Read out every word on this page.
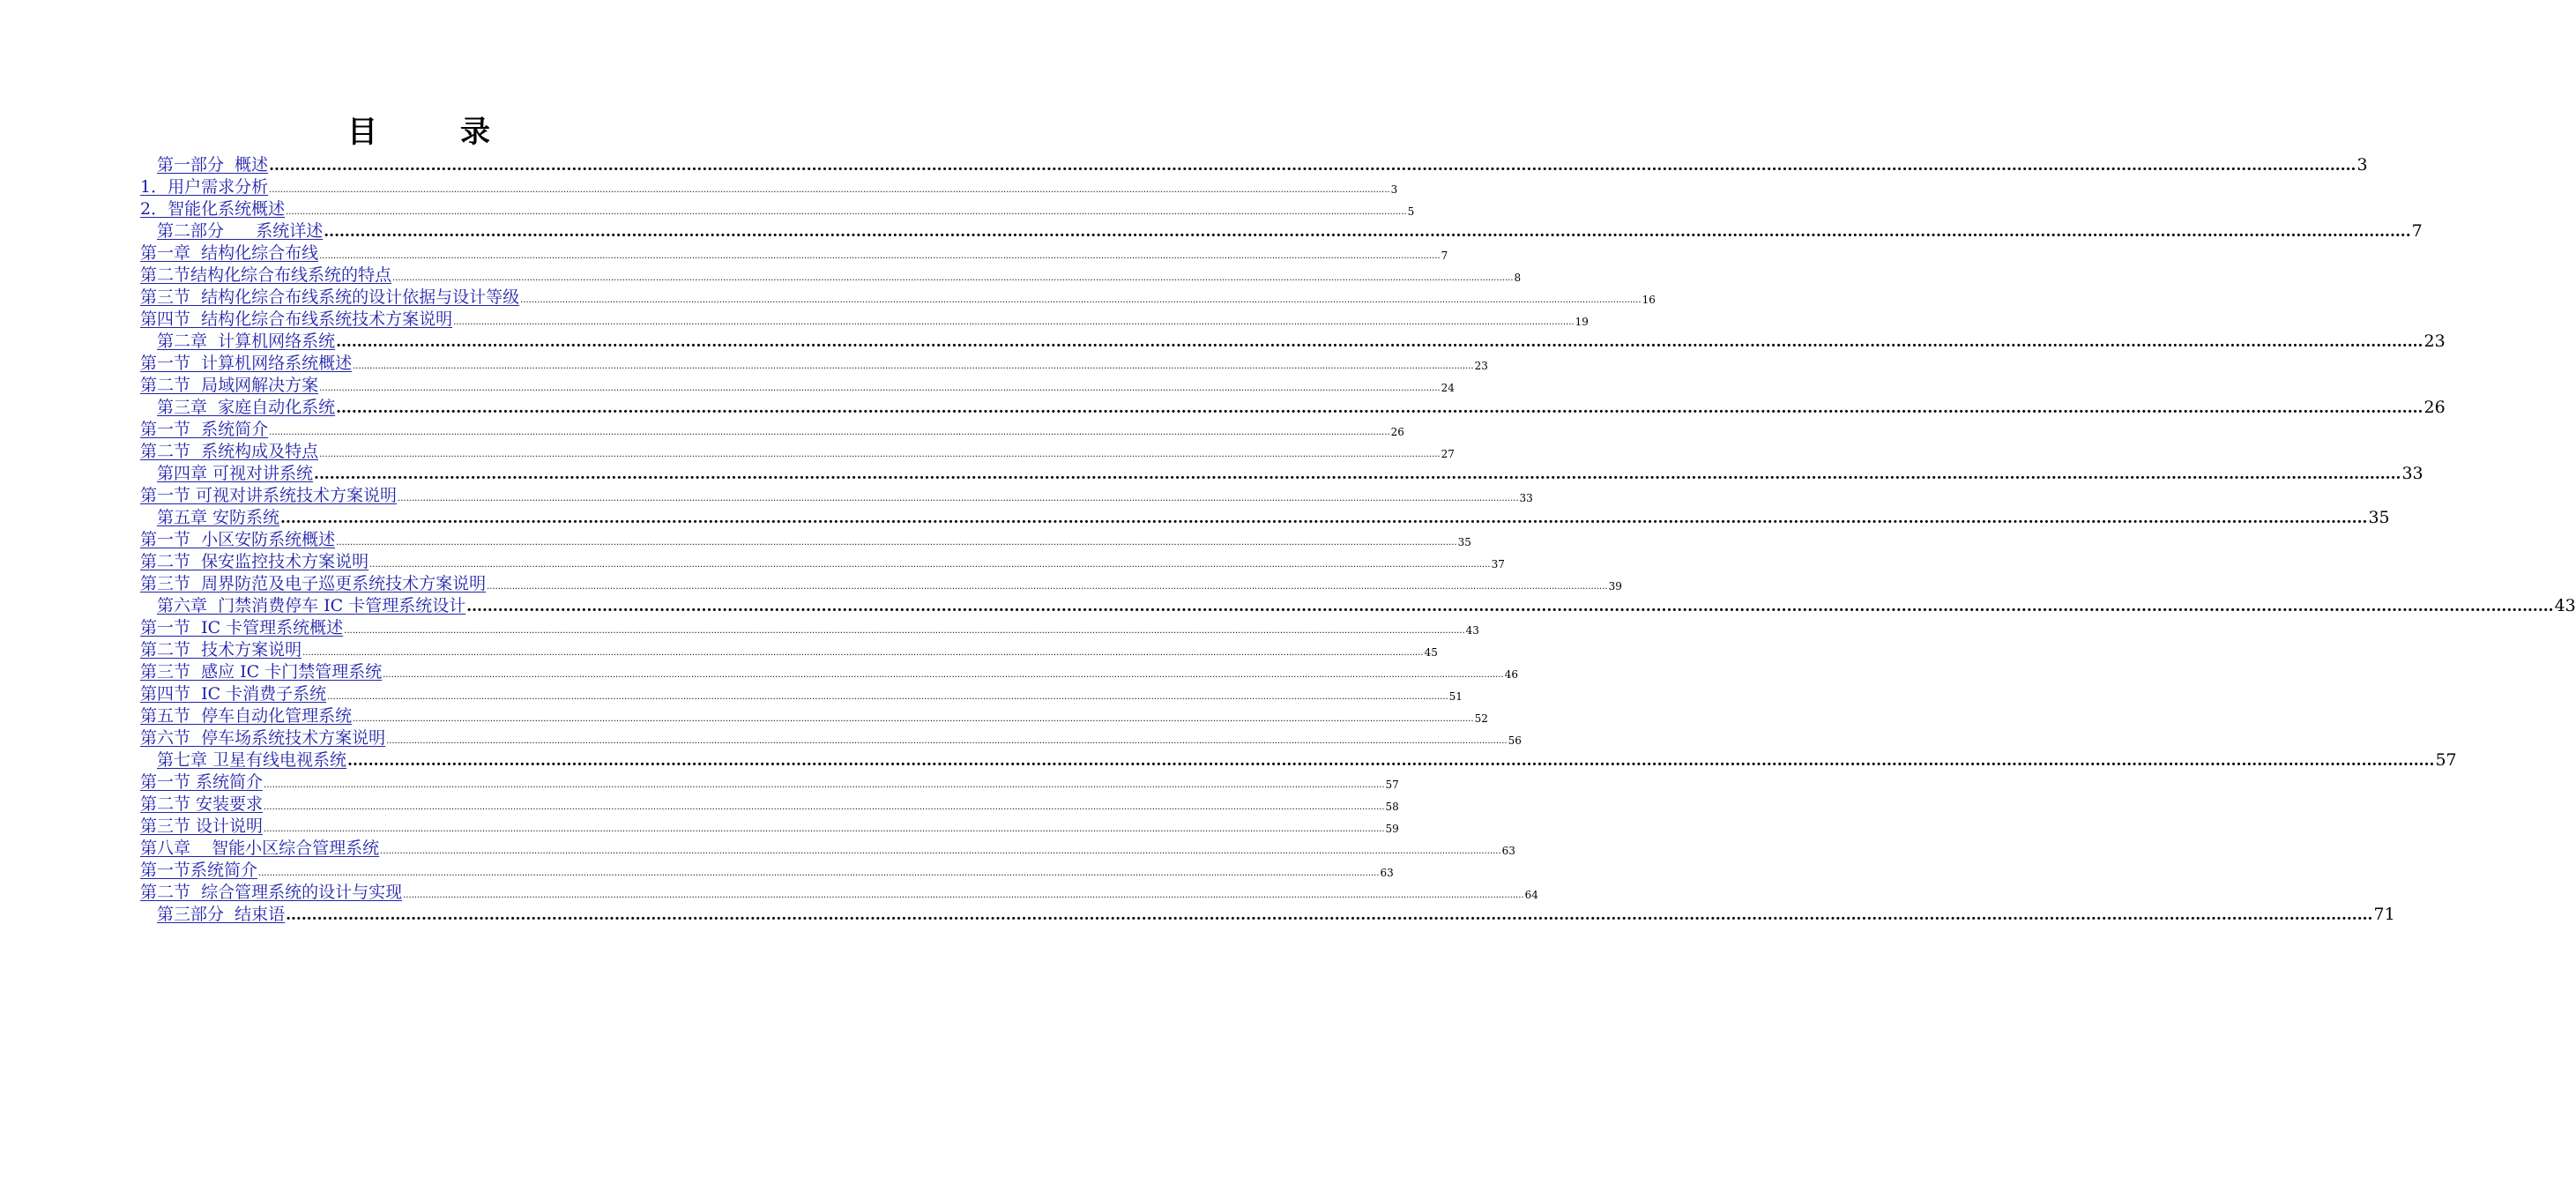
目　录
第一部分  概述 ................................................................................................................................................................................................................................................................................................................................................................................................................ 3
1．用户需求分析 ................................................................................................................................................................................................................................................................................................................................................................................................................ 3
2．智能化系统概述 ................................................................................................................................................................................................................................................................................................................................................................................................................ 5
第二部分      系统详述 ................................................................................................................................................................................................................................................................................................................................................................................................................ 7
第一章  结构化综合布线 ................................................................................................................................................................................................................................................................................................................................................................................................................ 7
第二节结构化综合布线系统的特点 ................................................................................................................................................................................................................................................................................................................................................................................................................ 8
第三节  结构化综合布线系统的设计依据与设计等级 ................................................................................................................................................................................................................................................................................................................................................................................................................ 16
第四节  结构化综合布线系统技术方案说明 ................................................................................................................................................................................................................................................................................................................................................................................................................ 19
第二章  计算机网络系统 ................................................................................................................................................................................................................................................................................................................................................................................................................ 23
第一节  计算机网络系统概述 ................................................................................................................................................................................................................................................................................................................................................................................................................ 23
第二节  局域网解决方案 ................................................................................................................................................................................................................................................................................................................................................................................................................ 24
第三章  家庭自动化系统 ................................................................................................................................................................................................................................................................................................................................................................................................................ 26
第一节  系统简介 ................................................................................................................................................................................................................................................................................................................................................................................................................ 26
第二节  系统构成及特点 ................................................................................................................................................................................................................................................................................................................................................................................................................ 27
第四章 可视对讲系统 ................................................................................................................................................................................................................................................................................................................................................................................................................ 33
第一节 可视对讲系统技术方案说明 ................................................................................................................................................................................................................................................................................................................................................................................................................ 33
第五章 安防系统 ................................................................................................................................................................................................................................................................................................................................................................................................................ 35
第一节  小区安防系统概述 ................................................................................................................................................................................................................................................................................................................................................................................................................ 35
第二节  保安监控技术方案说明 ................................................................................................................................................................................................................................................................................................................................................................................................................ 37
第三节  周界防范及电子巡更系统技术方案说明 ................................................................................................................................................................................................................................................................................................................................................................................................................ 39
第六章  门禁消费停车 IC 卡管理系统设计 ................................................................................................................................................................................................................................................................................................................................................................................................................ 43
第一节  IC 卡管理系统概述 ................................................................................................................................................................................................................................................................................................................................................................................................................ 43
第二节  技术方案说明 ................................................................................................................................................................................................................................................................................................................................................................................................................ 45
第三节  感应 IC 卡门禁管理系统 ................................................................................................................................................................................................................................................................................................................................................................................................................ 46
第四节  IC 卡消费子系统 ................................................................................................................................................................................................................................................................................................................................................................................................................ 51
第五节  停车自动化管理系统 ................................................................................................................................................................................................................................................................................................................................................................................................................ 52
第六节  停车场系统技术方案说明 ................................................................................................................................................................................................................................................................................................................................................................................................................ 56
第七章 卫星有线电视系统 ................................................................................................................................................................................................................................................................................................................................................................................................................ 57
第一节 系统简介 ................................................................................................................................................................................................................................................................................................................................................................................................................ 57
第二节 安装要求 ................................................................................................................................................................................................................................................................................................................................................................................................................ 58
第三节 设计说明 ................................................................................................................................................................................................................................................................................................................................................................................................................ 59
第八章    智能小区综合管理系统 ................................................................................................................................................................................................................................................................................................................................................................................................................ 63
第一节系统简介 ................................................................................................................................................................................................................................................................................................................................................................................................................ 63
第二节  综合管理系统的设计与实现 ................................................................................................................................................................................................................................................................................................................................................................................................................ 64
第三部分  结束语 ................................................................................................................................................................................................................................................................................................................................................................................................................ 71
